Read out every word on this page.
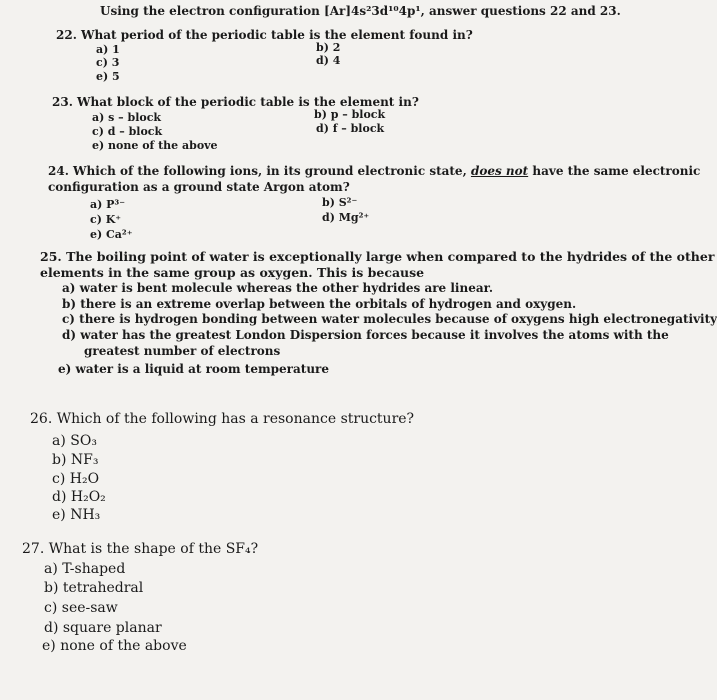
Using the electron configuration [Ar]4s²3d¹⁰4p¹, answer questions 22 and 23.
22. What period of the periodic table is the element found in?
a) 1	b) 2
c) 3	d) 4
e) 5
23. What block of the periodic table is the element in?
a) s – block	b) p – block
c) d – block	d) f – block
e) none of the above
24. Which of the following ions, in its ground electronic state, does not have the same electronic
configuration as a ground state Argon atom?
a) P³⁻	b) S²⁻
c) K⁺	d) Mg²⁺
e) Ca²⁺
25. The boiling point of water is exceptionally large when compared to the hydrides of the other
elements in the same group as oxygen. This is because
a) water is bent molecule whereas the other hydrides are linear.
b) there is an extreme overlap between the orbitals of hydrogen and oxygen.
c) there is hydrogen bonding between water molecules because of oxygens high electronegativity
d) water has the greatest London Dispersion forces because it involves the atoms with the
greatest number of electrons
e) water is a liquid at room temperature
26. Which of the following has a resonance structure?
a) SO₃
b) NF₃
c) H₂O
d) H₂O₂
e) NH₃
27. What is the shape of the SF₄?
a) T-shaped
b) tetrahedral
c) see-saw
d) square planar
e) none of the above
